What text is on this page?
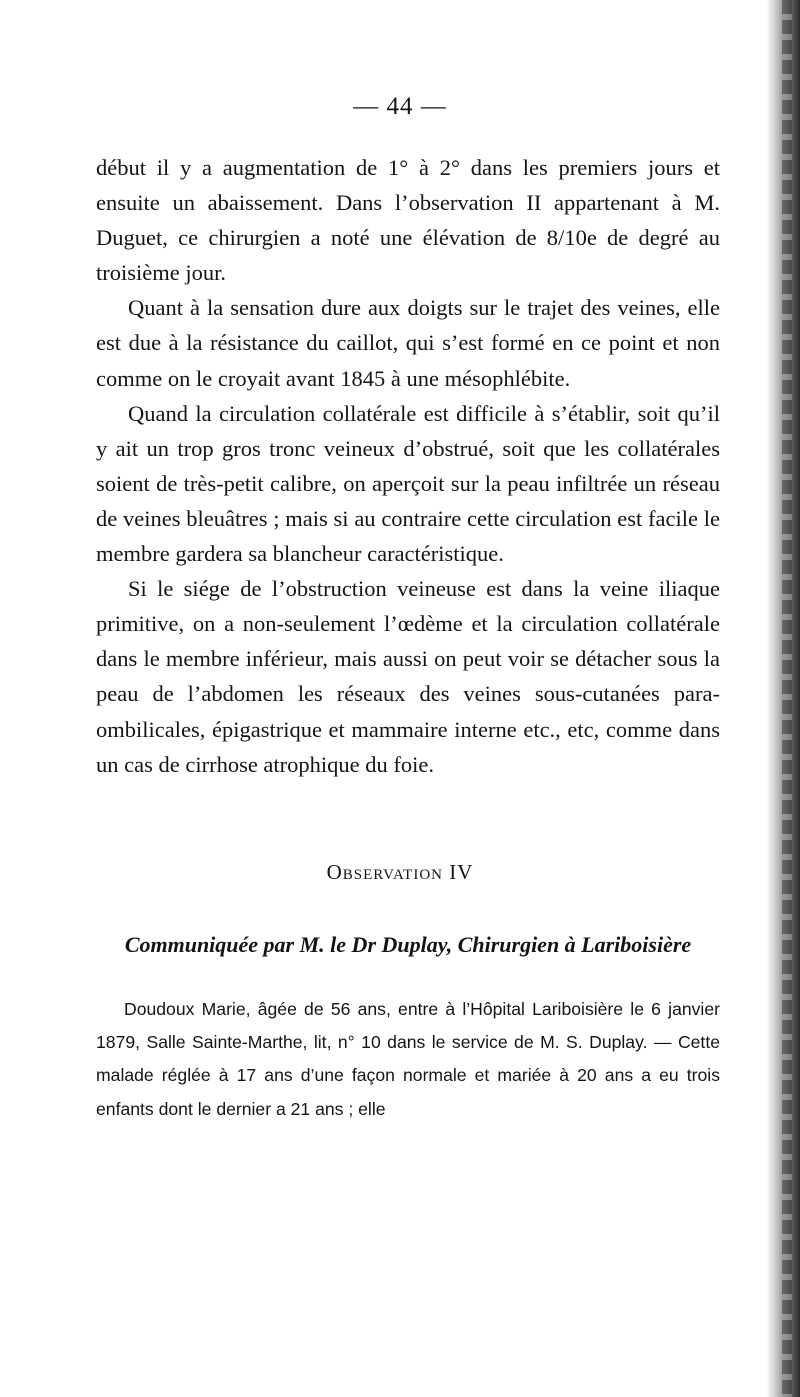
— 44 —

début il y a augmentation de 1° à 2° dans les premiers jours et ensuite un abaissement. Dans l’observation II appartenant à M. Duguet, ce chirurgien a noté une élévation de 8/10e de degré au troisième jour.

Quant à la sensation dure aux doigts sur le trajet des veines, elle est due à la résistance du caillot, qui s’est formé en ce point et non comme on le croyait avant 1845 à une mésophlébite.

Quand la circulation collatérale est difficile à s’établir, soit qu’il y ait un trop gros tronc veineux d’obstrué, soit que les collatérales soient de très-petit calibre, on aperçoit sur la peau infiltrée un réseau de veines bleuâtres ; mais si au contraire cette circulation est facile le membre gardera sa blancheur caractéristique.

Si le siége de l’obstruction veineuse est dans la veine iliaque primitive, on a non-seulement l’œdème et la circulation collatérale dans le membre inférieur, mais aussi on peut voir se détacher sous la peau de l’abdomen les réseaux des veines sous-cutanées para-ombilicales, épigastrique et mammaire interne etc., etc, comme dans un cas de cirrhose atrophique du foie.

Observation IV
Communiquée par M. le Dr Duplay, Chirurgien à Lariboisière

Doudoux Marie, âgée de 56 ans, entre à l’Hôpital Lariboisière le 6 janvier 1879, Salle Sainte-Marthe, lit, n° 10 dans le service de M. S. Duplay. — Cette malade réglée à 17 ans d’une façon normale et mariée à 20 ans a eu trois enfants dont le dernier a 21 ans ; elle
